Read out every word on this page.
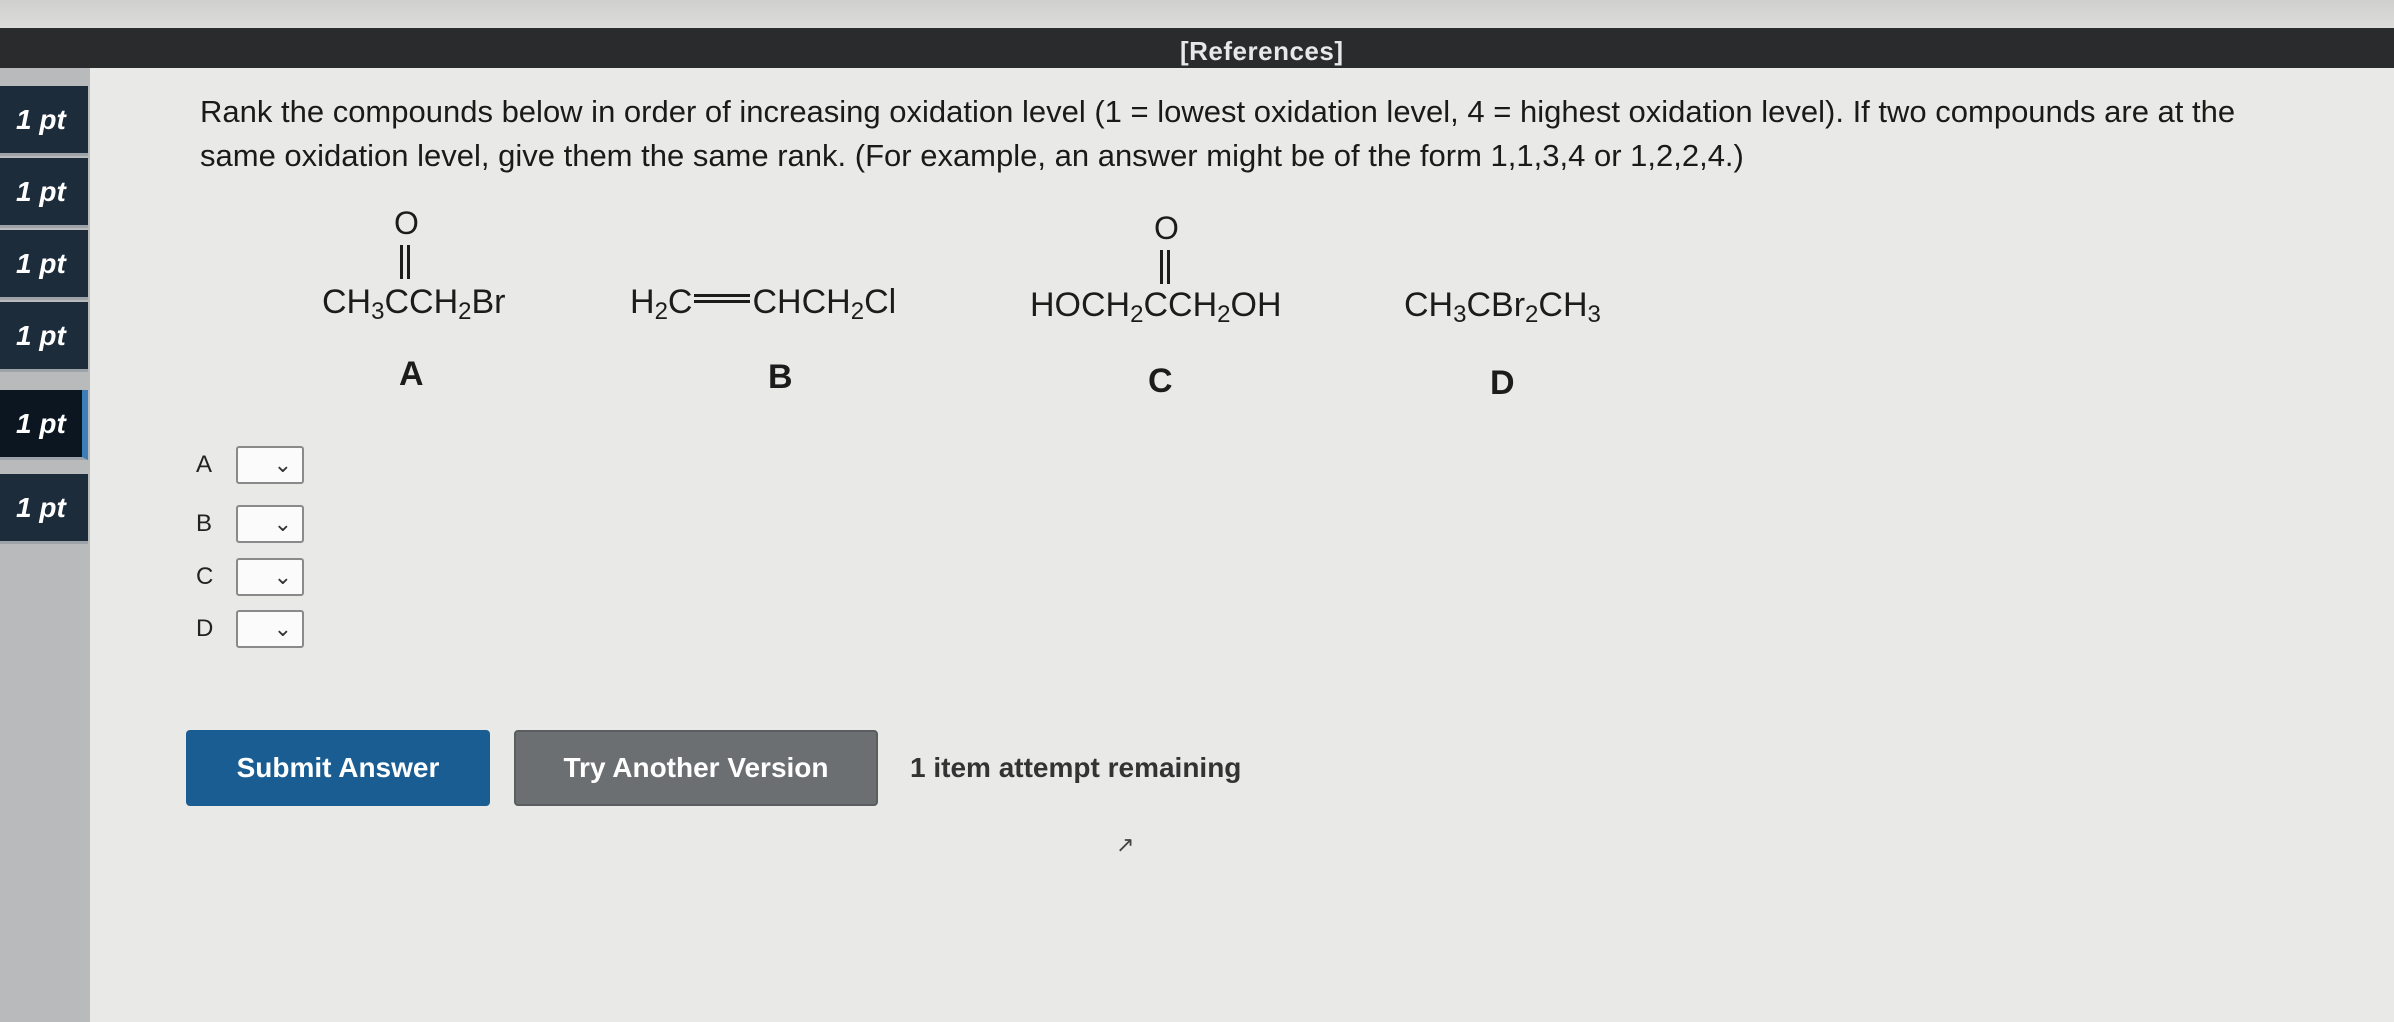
[References]
1 pt
1 pt
1 pt
1 pt
1 pt
1 pt
Rank the compounds below in order of increasing oxidation level (1 = lowest oxidation level, 4 = highest oxidation level). If two compounds are at the same oxidation level, give them the same rank. (For example, an answer might be of the form 1,1,3,4 or 1,2,2,4.)
O
$CH_3CCH_2Br$
A
$H_2C$ $CHCH_2Cl$
B
O
$HOCH_2CCH_2OH$
C
$CH_3CBr_2CH_3$
D
A	⌄
B	⌄
C	⌄
D	⌄
Submit Answer	Try Another Version	1 item attempt remaining
↗
